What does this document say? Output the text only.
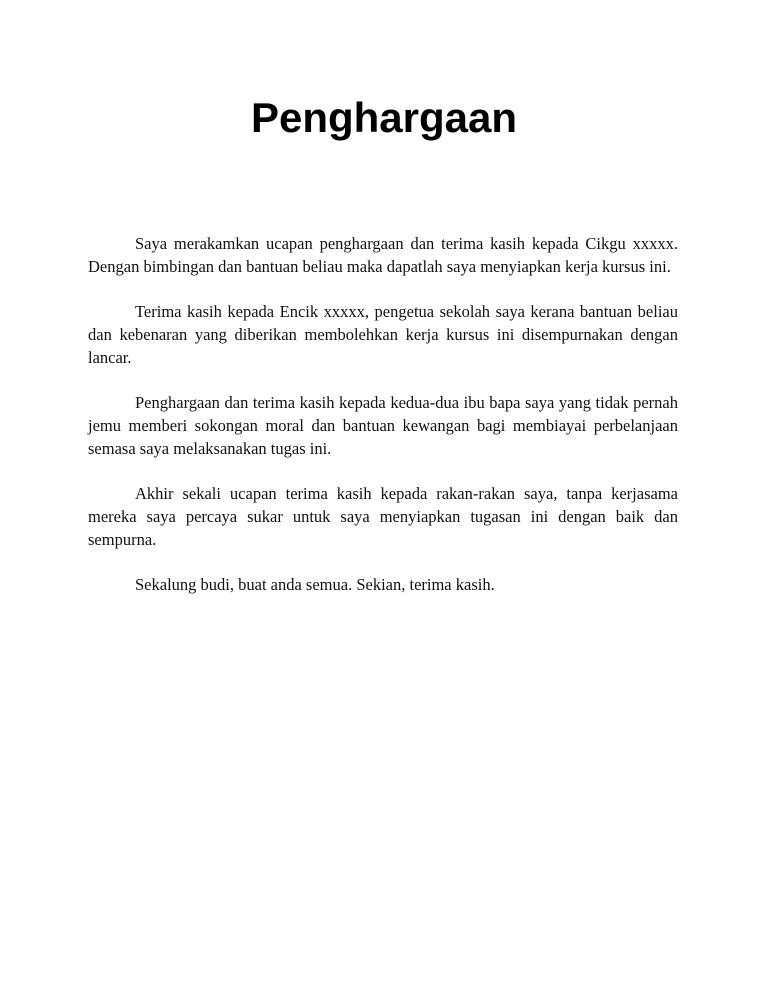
Penghargaan

Saya merakamkan ucapan penghargaan dan terima kasih kepada Cikgu xxxxx. Dengan bimbingan dan bantuan beliau maka dapatlah saya menyiapkan kerja kursus ini.

Terima kasih kepada Encik xxxxx, pengetua sekolah saya kerana bantuan beliau dan kebenaran yang diberikan membolehkan kerja kursus ini disempurnakan dengan lancar.

Penghargaan dan terima kasih kepada kedua-dua ibu bapa saya yang tidak pernah jemu memberi sokongan moral dan bantuan kewangan bagi membiayai perbelanjaan semasa saya melaksanakan tugas ini.

Akhir sekali ucapan terima kasih kepada rakan-rakan saya, tanpa kerjasama mereka saya percaya sukar untuk saya menyiapkan tugasan ini dengan baik dan sempurna.

Sekalung budi, buat anda semua. Sekian, terima kasih.
